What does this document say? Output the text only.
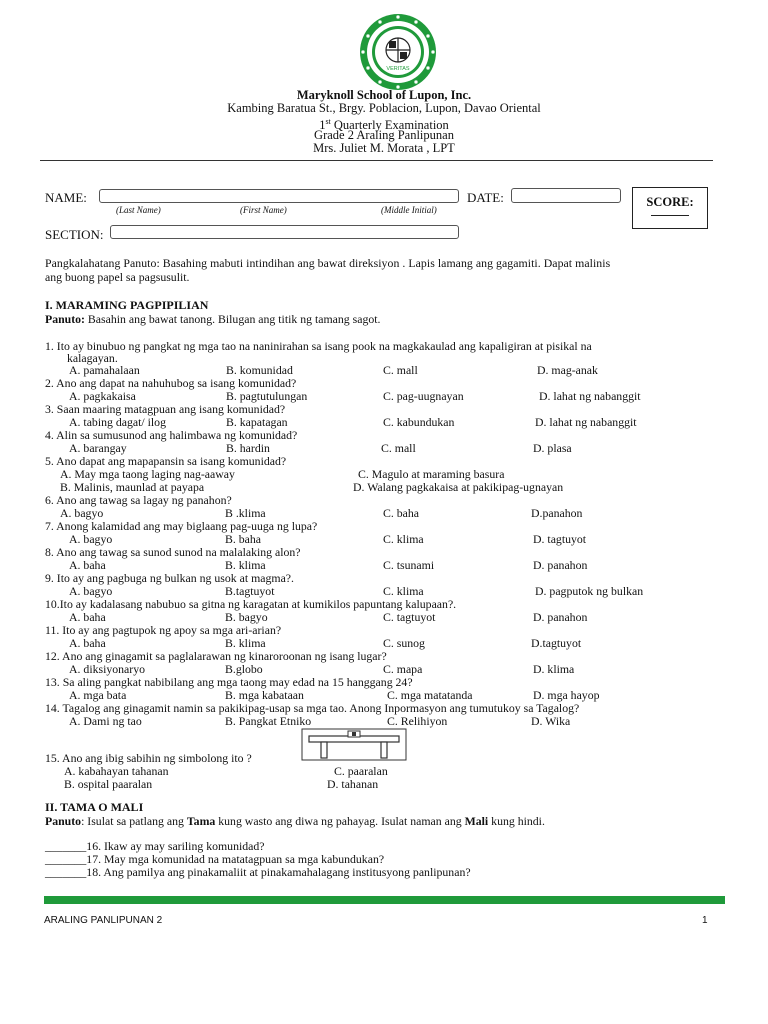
VERITAS
Maryknoll School of Lupon, Inc.
Kambing Baratua St., Brgy. Poblacion, Lupon, Davao Oriental
1st Quarterly Examination
Grade 2 Araling Panlipunan
Mrs. Juliet M. Morata , LPT
NAME:	DATE:
(Last Name)	(First Name)	(Middle Initial)
SECTION:
SCORE:
Pangkalahatang Panuto: Basahing mabuti intindihan ang bawat direksiyon . Lapis lamang ang gagamiti. Dapat malinis
ang buong papel sa pagsusulit.
I. MARAMING PAGPIPILIAN
Panuto: Basahin ang bawat tanong. Bilugan ang titik ng tamang sagot.
1. Ito ay binubuo ng pangkat ng mga tao na naninirahan sa isang pook na magkakaulad ang kapaligiran at pisikal na
kalagayan.
A. pamahalaan	B. komunidad	C. mall	D. mag-anak
2. Ano ang dapat na nahuhubog sa isang komunidad?
A. pagkakaisa	B. pagtutulungan	C. pag-uugnayan	D. lahat ng nabanggit
3. Saan maaring matagpuan ang isang komunidad?
A. tabing dagat/ ilog	B. kapatagan	C. kabundukan	D. lahat ng nabanggit
4. Alin sa sumusunod ang halimbawa ng komunidad?
A. barangay	B. hardin	C. mall	D. plasa
5. Ano dapat ang mapapansin sa isang komunidad?
A. May mga taong laging nag-aaway	C. Magulo at maraming basura
B. Malinis, maunlad at payapa	D. Walang pagkakaisa at pakikipag-ugnayan
6. Ano ang tawag sa lagay ng panahon?
A. bagyo	B .klima	C. baha	D.panahon
7. Anong kalamidad ang may biglaang pag-uuga ng lupa?
A. bagyo	B. baha	C. klima	D. tagtuyot
8. Ano ang tawag sa sunod sunod na malalaking alon?
A. baha	B. klima	C. tsunami	D. panahon
9. Ito ay ang pagbuga ng bulkan ng usok at magma?.
A. bagyo	B.tagtuyot	C. klima	D. pagputok ng bulkan
10.Ito ay kadalasang nabubuo sa gitna ng karagatan at kumikilos papuntang kalupaan?.
A. baha	B. bagyo	C. tagtuyot	D. panahon
11. Ito ay ang pagtupok ng apoy sa mga ari-arian?
A. baha	B. klima	C. sunog	D.tagtuyot
12. Ano ang ginagamit sa paglalarawan ng kinaroroonan ng isang lugar?
A. diksiyonaryo	B.globo	C. mapa	D. klima
13. Sa aling pangkat nabibilang ang mga taong may edad na 15 hanggang 24?
A. mga bata	B. mga kabataan	C. mga matatanda	D. mga hayop
14. Tagalog ang ginagamit namin sa pakikipag-usap sa mga tao. Anong Inpormasyon ang tumutukoy sa Tagalog?
A. Dami ng tao	B. Pangkat Etniko	C. Relihiyon	D. Wika
15. Ano ang ibig sabihin ng simbolong ito ?
A. kabahayan tahanan	C. paaralan
B. ospital paaralan	D. tahanan
II. TAMA O MALI
Panuto: Isulat sa patlang ang Tama kung wasto ang diwa ng pahayag. Isulat naman ang Mali kung hindi.
_______16. Ikaw ay may sariling komunidad?
_______17. May mga komunidad na matatagpuan sa mga kabundukan?
_______18. Ang pamilya ang pinakamaliit at pinakamahalagang institusyong panlipunan?
ARALING PANLIPUNAN 2	1
